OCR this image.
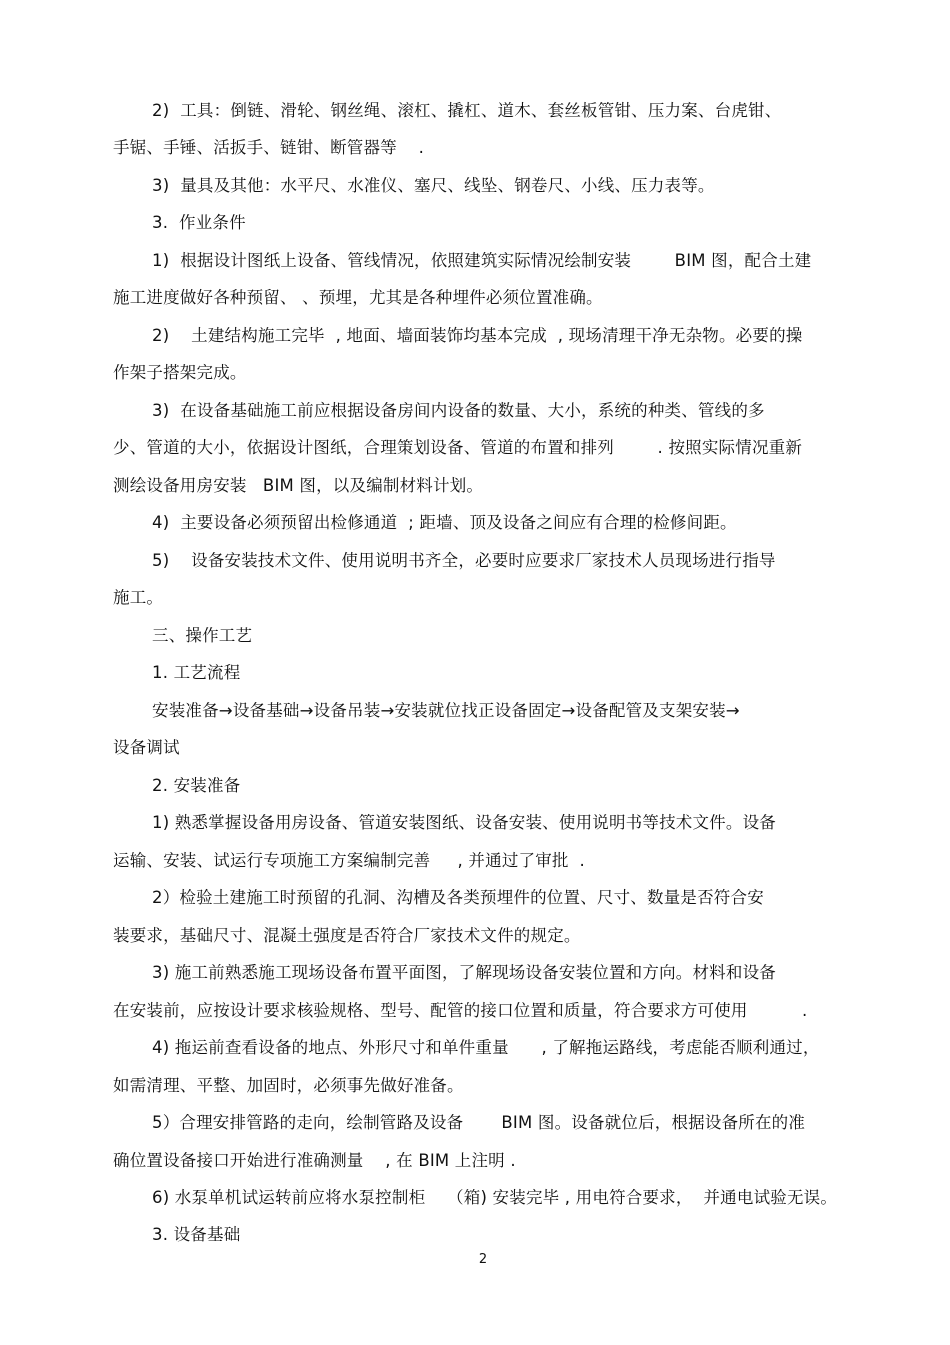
2)  工具：倒链、滑轮、钢丝绳、滚杠、撬杠、道木、套丝板管钳、压力案、台虎钳、
手锯、手锤、活扳手、链钳、断管器等    .
3)  量具及其他：水平尺、水准仪、塞尺、线坠、钢卷尺、小线、压力表等。
3.  作业条件
1)  根据设计图纸上设备、管线情况，依照建筑实际情况绘制安装        BIM 图，配合土建
施工进度做好各种预留、 、预埋，尤其是各种埋件必须位置准确。
2)    土建结构施工完毕  , 地面、墙面装饰均基本完成  , 现场清理干净无杂物。必要的操
作架子搭架完成。
3)  在设备基础施工前应根据设备房间内设备的数量、大小，系统的种类、管线的多
少、管道的大小，依据设计图纸，合理策划设备、管道的布置和排列        . 按照实际情况重新
测绘设备用房安装   BIM 图，以及编制材料计划。
4)  主要设备必须预留出检修通道  ; 距墙、顶及设备之间应有合理的检修间距。
5)    设备安装技术文件、使用说明书齐全，必要时应要求厂家技术人员现场进行指导
施工。
三、操作工艺
1. 工艺流程
安装准备→设备基础→设备吊装→安装就位找正设备固定→设备配管及支架安装→
设备调试
2. 安装准备
1) 熟悉掌握设备用房设备、管道安装图纸、设备安装、使用说明书等技术文件。设备
运输、安装、试运行专项施工方案编制完善     , 并通过了审批  .
2）检验土建施工时预留的孔洞、沟槽及各类预埋件的位置、尺寸、数量是否符合安
装要求，基础尺寸、混凝土强度是否符合厂家技术文件的规定。
3) 施工前熟悉施工现场设备布置平面图，了解现场设备安装位置和方向。材料和设备
在安装前，应按设计要求核验规格、型号、配管的接口位置和质量，符合要求方可使用          .
4) 拖运前查看设备的地点、外形尺寸和单件重量      , 了解拖运路线，考虑能否顺利通过，
如需清理、平整、加固时，必须事先做好准备。
5）合理安排管路的走向，绘制管路及设备       BIM 图。设备就位后，根据设备所在的准
确位置设备接口开始进行准确测量    , 在 BIM 上注明 .
6) 水泵单机试运转前应将水泵控制柜    （箱) 安装完毕 , 用电符合要求，  并通电试验无误。
3. 设备基础
2
